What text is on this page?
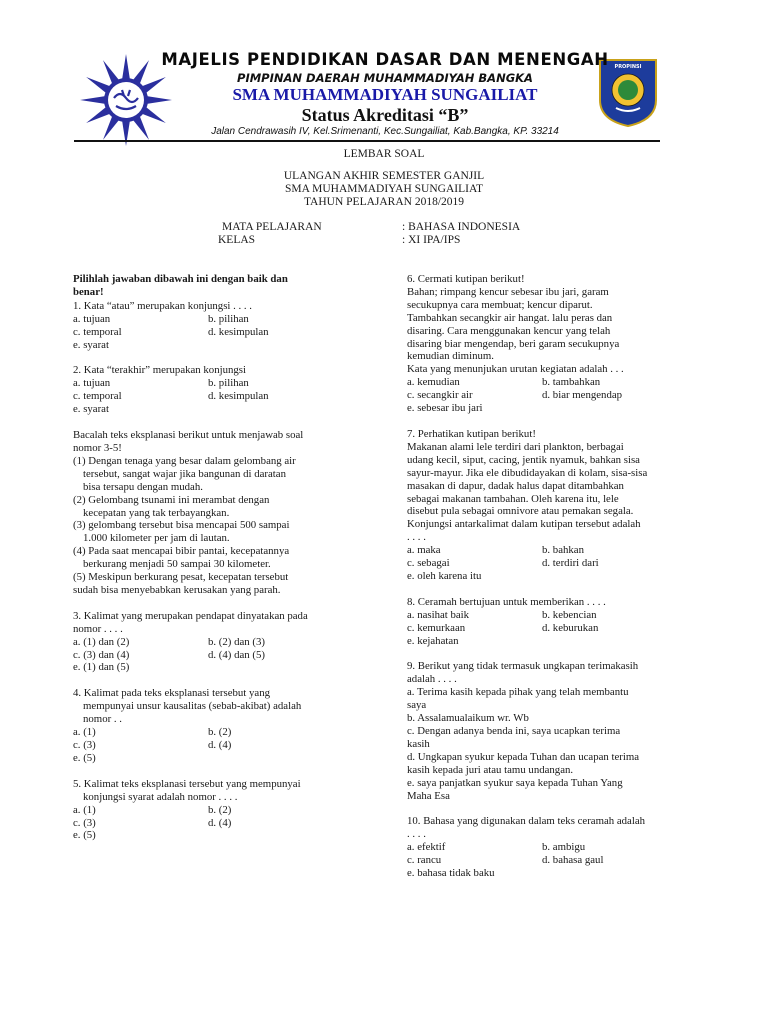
PROPINSI
MAJELIS PENDIDIKAN DASAR DAN MENENGAH
PIMPINAN DAERAH MUHAMMADIYAH BANGKA
SMA MUHAMMADIYAH SUNGAILIAT
Status Akreditasi “B”
Jalan Cendrawasih IV, Kel.Srimenanti, Kec.Sungailiat, Kab.Bangka, KP. 33214
LEMBAR SOAL
ULANGAN AKHIR SEMESTER GANJIL
SMA MUHAMMADIYAH SUNGAILIAT
TAHUN PELAJARAN 2018/2019
MATA PELAJARAN	: BAHASA INDONESIA
KELAS	: XI IPA/IPS
Pilihlah jawaban dibawah ini dengan baik dan
benar!
1. Kata “atau” merupakan konjungsi . . . .
a. tujuan	b. pilihan
c. temporal	d. kesimpulan
e. syarat
2. Kata “terakhir” merupakan konjungsi
a. tujuan	b. pilihan
c. temporal	d. kesimpulan
e. syarat
Bacalah teks eksplanasi berikut untuk menjawab soal
nomor 3-5!
(1) Dengan tenaga yang besar dalam gelombang air
tersebut, sangat wajar jika bangunan di daratan
bisa tersapu dengan mudah.
(2) Gelombang tsunami ini merambat dengan
kecepatan yang tak terbayangkan.
(3) gelombang tersebut bisa mencapai 500 sampai
1.000 kilometer per jam di lautan.
(4) Pada saat mencapai bibir pantai, kecepatannya
berkurang menjadi 50 sampai 30 kilometer.
(5) Meskipun berkurang pesat, kecepatan tersebut
sudah bisa menyebabkan kerusakan yang parah.
3. Kalimat yang merupakan pendapat dinyatakan pada
nomor . . . .
a. (1) dan (2)	b. (2) dan (3)
c. (3) dan (4)	d. (4) dan (5)
e. (1) dan (5)
4. Kalimat pada teks eksplanasi tersebut yang
mempunyai unsur kausalitas (sebab-akibat) adalah
nomor . .
a. (1)	b. (2)
c. (3)	d. (4)
e. (5)
5. Kalimat teks eksplanasi tersebut yang mempunyai
konjungsi syarat adalah nomor . . . .
a. (1)	b. (2)
c. (3)	d. (4)
e. (5)
6. Cermati kutipan berikut!
Bahan; rimpang kencur sebesar ibu jari, garam
secukupnya cara membuat; kencur diparut.
Tambahkan secangkir air hangat. lalu peras dan
disaring. Cara menggunakan kencur yang telah
disaring biar mengendap, beri garam secukupnya
kemudian diminum.
Kata yang menunjukan urutan kegiatan adalah . . .
a. kemudian	b. tambahkan
c. secangkir air	d. biar mengendap
e. sebesar ibu jari
7. Perhatikan kutipan berikut!
Makanan alami lele terdiri dari plankton, berbagai
udang kecil, siput, cacing, jentik nyamuk, bahkan sisa
sayur-mayur. Jika ele dibudidayakan di kolam, sisa-sisa
masakan di dapur, dadak halus dapat ditambahkan
sebagai makanan tambahan. Oleh karena itu, lele
disebut pula sebagai omnivore atau pemakan segala.
Konjungsi antarkalimat dalam kutipan tersebut adalah
. . . .
a. maka	b. bahkan
c. sebagai	d. terdiri dari
e. oleh karena itu
8. Ceramah bertujuan untuk memberikan . . . .
a. nasihat baik	b. kebencian
c. kemurkaan	d. keburukan
e. kejahatan
9. Berikut yang tidak termasuk ungkapan terimakasih
adalah . . . .
a. Terima kasih kepada pihak yang telah membantu
saya
b. Assalamualaikum wr. Wb
c. Dengan adanya benda ini, saya ucapkan terima
kasih
d. Ungkapan syukur kepada Tuhan dan ucapan terima
kasih kepada juri atau tamu undangan.
e. saya panjatkan syukur saya kepada Tuhan Yang
Maha Esa
10. Bahasa yang digunakan dalam teks ceramah adalah
. . . .
a. efektif	b. ambigu
c. rancu	d. bahasa gaul
e. bahasa tidak baku
